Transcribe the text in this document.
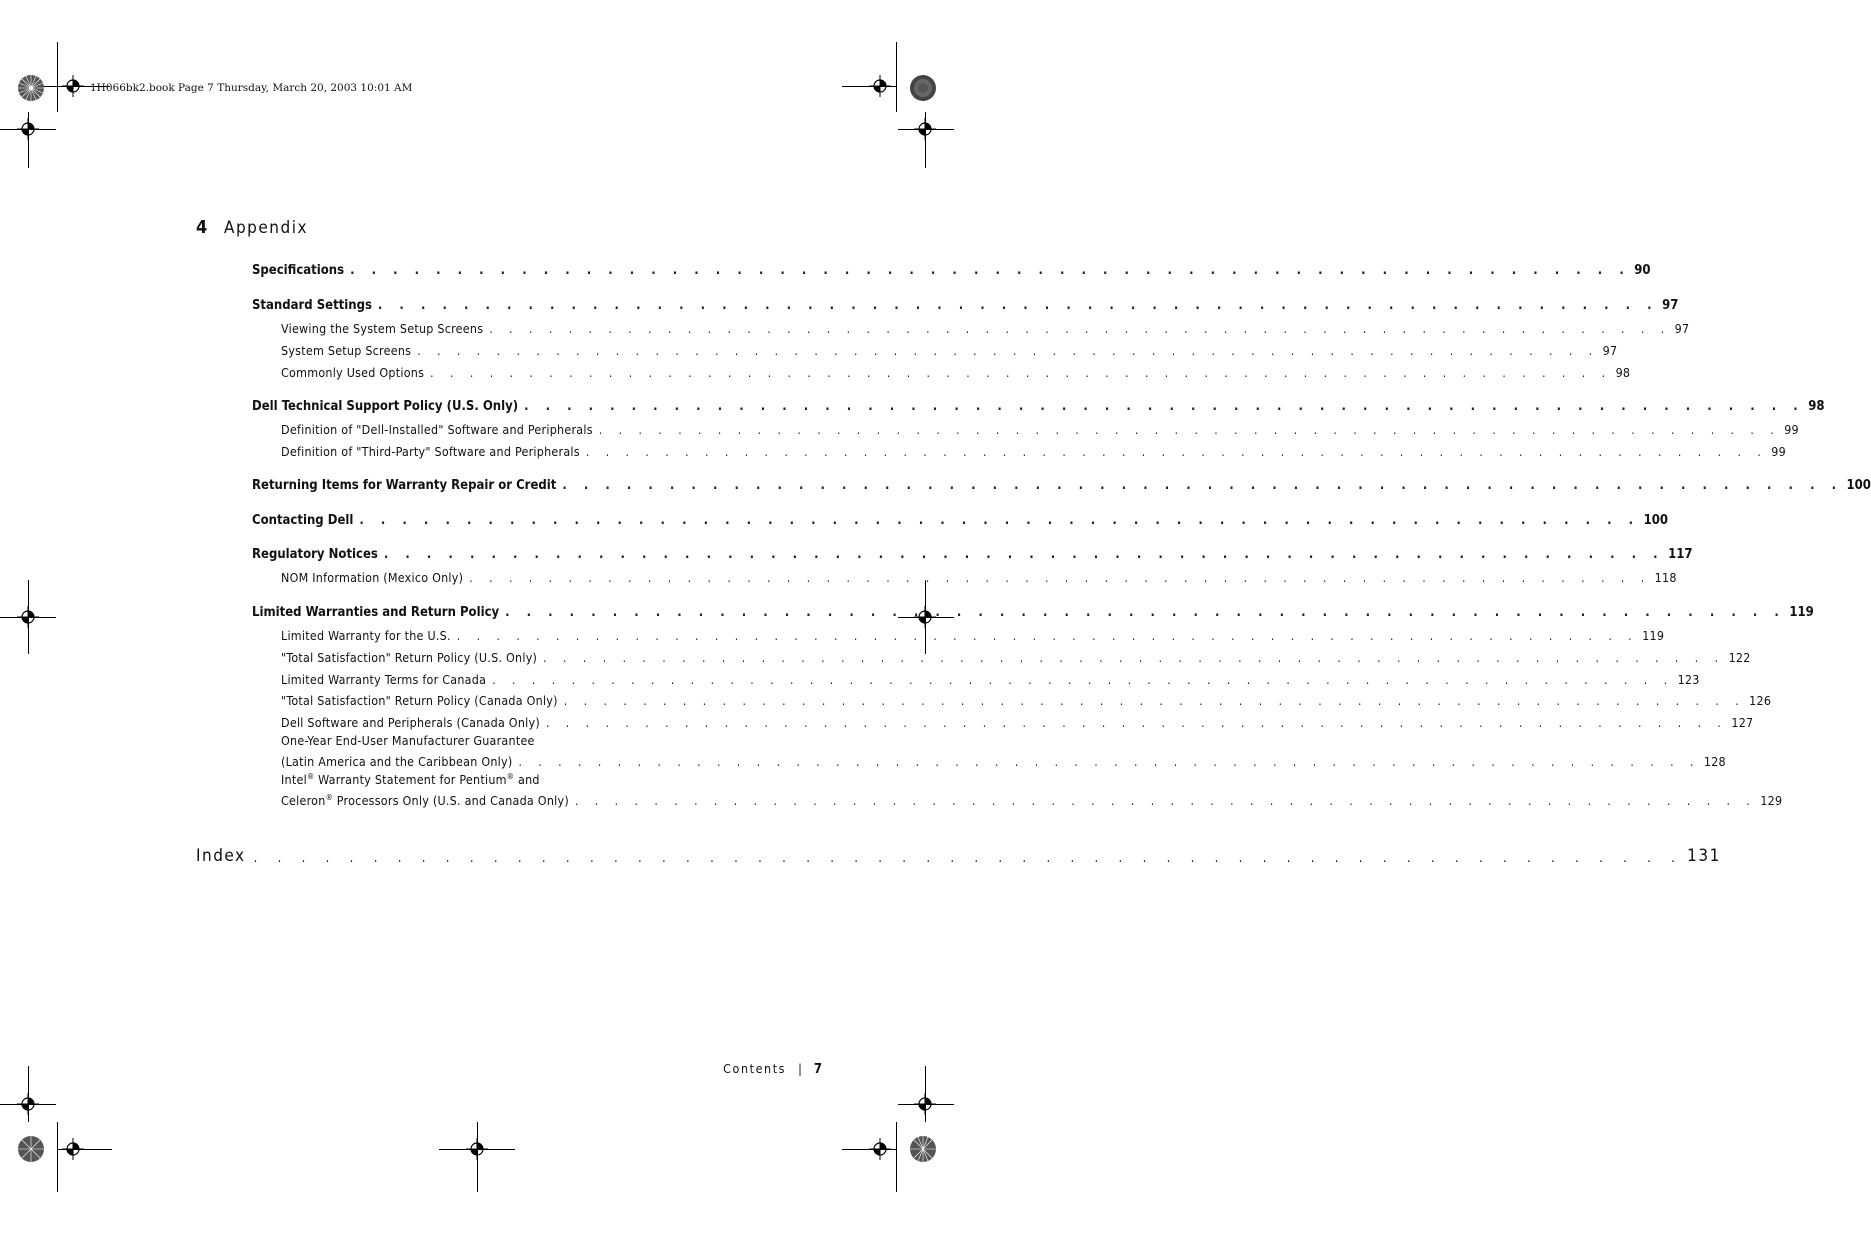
1H066bk2.book Page 7 Thursday, March 20, 2003 10:01 AM
4 Appendix
Specifications . . . . . . . . . . . . . . . . . . . . . . . . . . . . . . . . . . . . . . . . . . . . . . . . . . . . . . . . . . . . 90
Standard Settings . . . . . . . . . . . . . . . . . . . . . . . . . . . . . . . . . . . . . . . . . . . . . . . . . . . . . . . . . . . . 97
Viewing the System Setup Screens . . . . . . . . . . . . . . . . . . . . . . . . . . . . . . . . . . . . . . . . . . . . . . . . . . . . . . . . . . . . 97
System Setup Screens . . . . . . . . . . . . . . . . . . . . . . . . . . . . . . . . . . . . . . . . . . . . . . . . . . . . . . . . . . . . 97
Commonly Used Options . . . . . . . . . . . . . . . . . . . . . . . . . . . . . . . . . . . . . . . . . . . . . . . . . . . . . . . . . . . . 98
Dell Technical Support Policy (U.S. Only) . . . . . . . . . . . . . . . . . . . . . . . . . . . . . . . . . . . . . . . . . . . . . . . . . . . . . . . . . . . . 98
Definition of "Dell-Installed" Software and Peripherals . . . . . . . . . . . . . . . . . . . . . . . . . . . . . . . . . . . . . . . . . . . . . . . . . . . . . . . . . . . . 99
Definition of "Third-Party" Software and Peripherals . . . . . . . . . . . . . . . . . . . . . . . . . . . . . . . . . . . . . . . . . . . . . . . . . . . . . . . . . . . . 99
Returning Items for Warranty Repair or Credit . . . . . . . . . . . . . . . . . . . . . . . . . . . . . . . . . . . . . . . . . . . . . . . . . . . . . . . . . . . . 100
Contacting Dell . . . . . . . . . . . . . . . . . . . . . . . . . . . . . . . . . . . . . . . . . . . . . . . . . . . . . . . . . . . . 100
Regulatory Notices . . . . . . . . . . . . . . . . . . . . . . . . . . . . . . . . . . . . . . . . . . . . . . . . . . . . . . . . . . . . 117
NOM Information (Mexico Only) . . . . . . . . . . . . . . . . . . . . . . . . . . . . . . . . . . . . . . . . . . . . . . . . . . . . . . . . . . . . 118
Limited Warranties and Return Policy . . . . . . . . . . . . . . . . . . . . . . . . . . . . . . . . . . . . . . . . . . . . . . . . . . . . . . . . . . . . 119
Limited Warranty for the U.S. . . . . . . . . . . . . . . . . . . . . . . . . . . . . . . . . . . . . . . . . . . . . . . . . . . . . . . . . . . . . 119
"Total Satisfaction" Return Policy (U.S. Only) . . . . . . . . . . . . . . . . . . . . . . . . . . . . . . . . . . . . . . . . . . . . . . . . . . . . . . . . . . . . 122
Limited Warranty Terms for Canada . . . . . . . . . . . . . . . . . . . . . . . . . . . . . . . . . . . . . . . . . . . . . . . . . . . . . . . . . . . . 123
"Total Satisfaction" Return Policy (Canada Only) . . . . . . . . . . . . . . . . . . . . . . . . . . . . . . . . . . . . . . . . . . . . . . . . . . . . . . . . . . . . 126
Dell Software and Peripherals (Canada Only) . . . . . . . . . . . . . . . . . . . . . . . . . . . . . . . . . . . . . . . . . . . . . . . . . . . . . . . . . . . . 127
One-Year End-User Manufacturer Guarantee
(Latin America and the Caribbean Only) . . . . . . . . . . . . . . . . . . . . . . . . . . . . . . . . . . . . . . . . . . . . . . . . . . . . . . . . . . . . 128
Intel® Warranty Statement for Pentium® and
Celeron® Processors Only (U.S. and Canada Only) . . . . . . . . . . . . . . . . . . . . . . . . . . . . . . . . . . . . . . . . . . . . . . . . . . . . . . . . . . . . 129
Index . . . . . . . . . . . . . . . . . . . . . . . . . . . . . . . . . . . . . . . . . . . . . . . . . . . . . . . . . . . . 131
Contents | 7
